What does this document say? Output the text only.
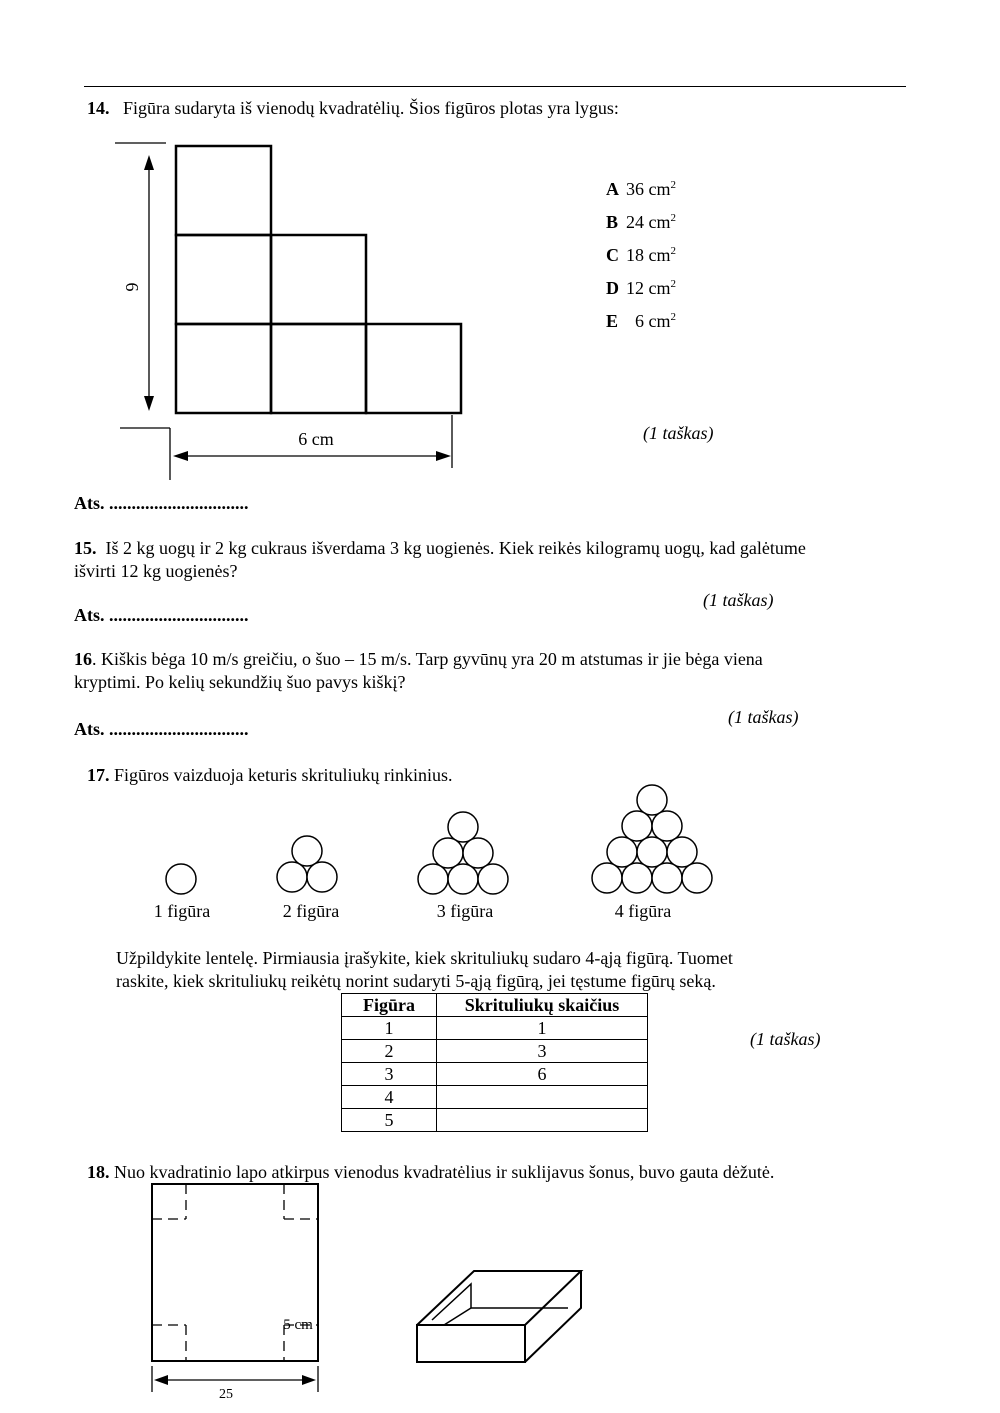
14. Figūra sudaryta iš vienodų kvadratėlių. Šios figūros plotas yra lygus:
6
6 cm
A 36 $cm^2$
B 24 $cm^2$
C 18 $cm^2$
D 12 $cm^2$
E 6 $cm^2$
(1 taškas)
Ats. ...............................
15. Iš 2 kg uogų ir 2 kg cukraus išverdama 3 kg uogienės. Kiek reikės kilogramų uogų, kad galėtume
išvirti 12 kg uogienės?
(1 taškas)
Ats. ...............................
16. Kiškis bėga 10 m/s greičiu, o šuo – 15 m/s. Tarp gyvūnų yra 20 m atstumas ir jie bėga viena
kryptimi. Po kelių sekundžių šuo pavys kiškį?
(1 taškas)
Ats. ...............................
17. Figūros vaizduoja keturis skrituliukų rinkinius.
1 figūra	2 figūra	3 figūra	4 figūra
Užpildykite lentelę. Pirmiausia įrašykite, kiek skrituliukų sudaro 4-ąją figūrą. Tuomet
raskite, kiek skrituliukų reikėtų norint sudaryti 5-ąją figūrą, jei tęstume figūrų seką.
Figūra	Skrituliukų skaičius
1	1
2	3
3	6
4	
5	
(1 taškas)
18. Nuo kvadratinio lapo atkirpus vienodus kvadratėlius ir suklijavus šonus, buvo gauta dėžutė.
5 cm
25
